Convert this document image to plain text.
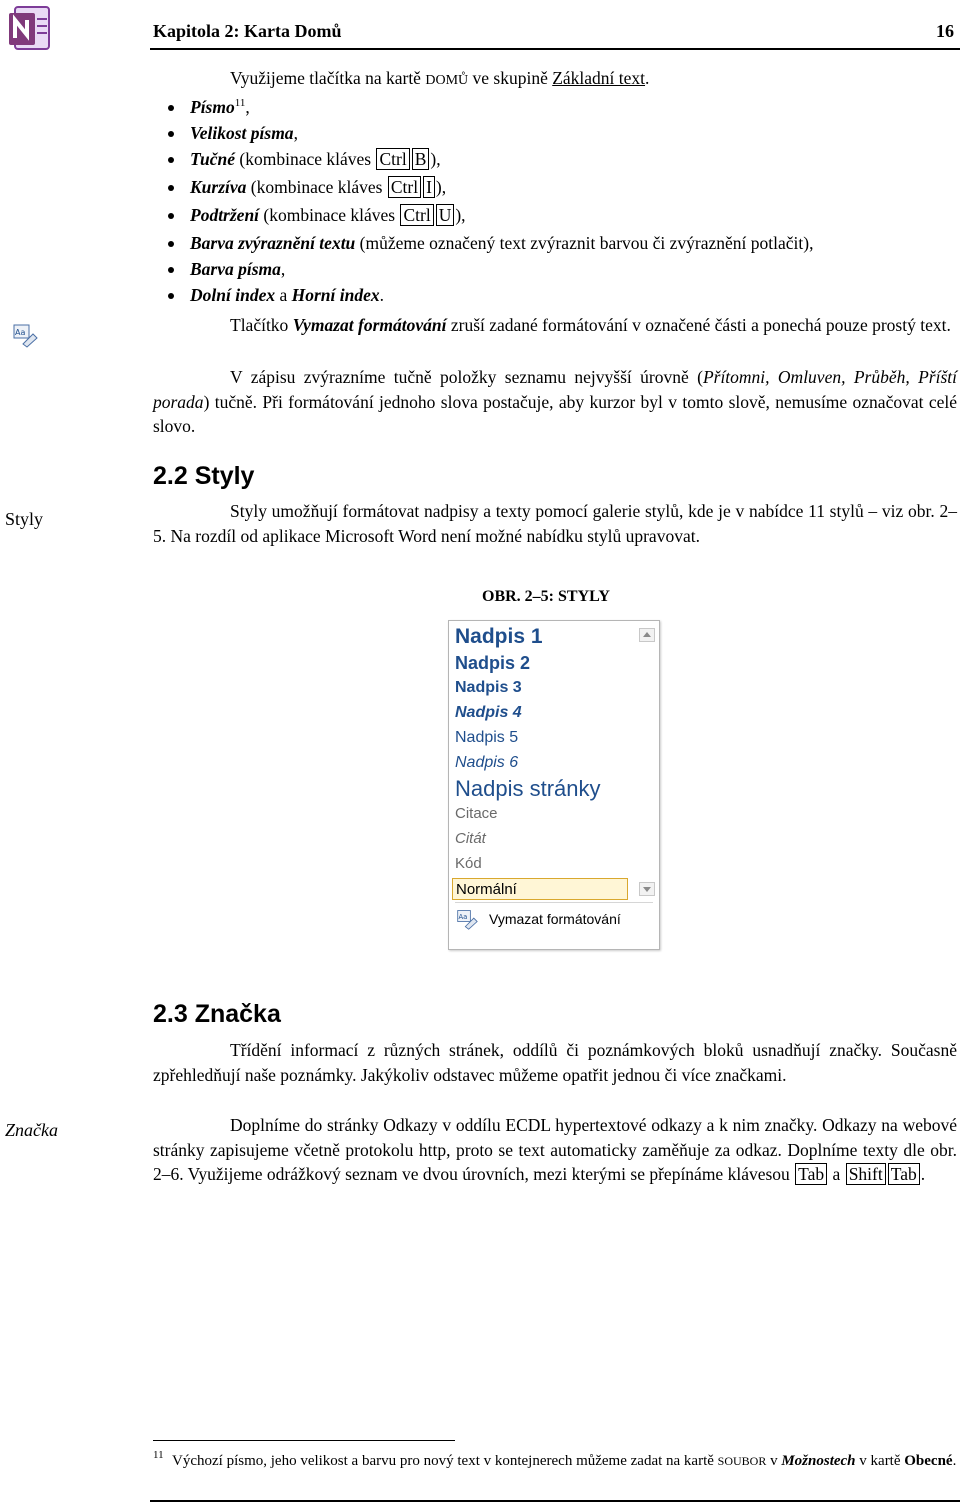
Kapitola 2: Karta Domů	16
Aa
Styly
Značka
Využijeme tlačítka na kartě DOMŮ ve skupině Základní text.
Písmo$^{11}$,
Velikost písma,
Tučné (kombinace kláves Ctrl B ),
Kurzíva (kombinace kláves Ctrl I ),
Podtržení (kombinace kláves Ctrl U ),
Barva zvýraznění textu (můžeme označený text zvýraznit barvou či zvýraznění potlačit),
Barva písma,
Dolní index a Horní index.
Tlačítko Vymazat formátování zruší zadané formátování v označené části a ponechá pouze prostý text.
V zápisu zvýrazníme tučně položky seznamu nejvyšší úrovně (Přítomni, Omluven, Průběh, Příští porada) tučně. Při formátování jednoho slova postačuje, aby kurzor byl v tomto slově, nemusíme označovat celé slovo.
2.2 Styly
Styly umožňují formátovat nadpisy a texty pomocí galerie stylů, kde je v nabídce 11 stylů – viz obr. 2–5. Na rozdíl od aplikace Microsoft Word není možné nabídku stylů upravovat.
OBR. 2–5: STYLY
Nadpis 1
Nadpis 2
Nadpis 3
Nadpis 4
Nadpis 5
Nadpis 6
Nadpis stránky
Citace
Citát
Kód
Normální
Aa Vymazat formátování
2.3 Značka
Třídění informací z různých stránek, oddílů či poznámkových bloků usnadňují značky. Současně zpřehledňují naše poznámky. Jakýkoliv odstavec můžeme opatřit jednou či více značkami.
Doplníme do stránky Odkazy v oddílu ECDL hypertextové odkazy a k nim značky. Odkazy na webové stránky zapisujeme včetně protokolu http, proto se text automaticky zaměňuje za odkaz. Doplníme texty dle obr. 2–6. Využijeme odrážkový seznam ve dvou úrovních, mezi kterými se přepínáme klávesou Tab a Shift Tab .
11 Výchozí písmo, jeho velikost a barvu pro nový text v kontejnerech můžeme zadat na kartě SOUBOR v Možnostech v kartě Obecné.
